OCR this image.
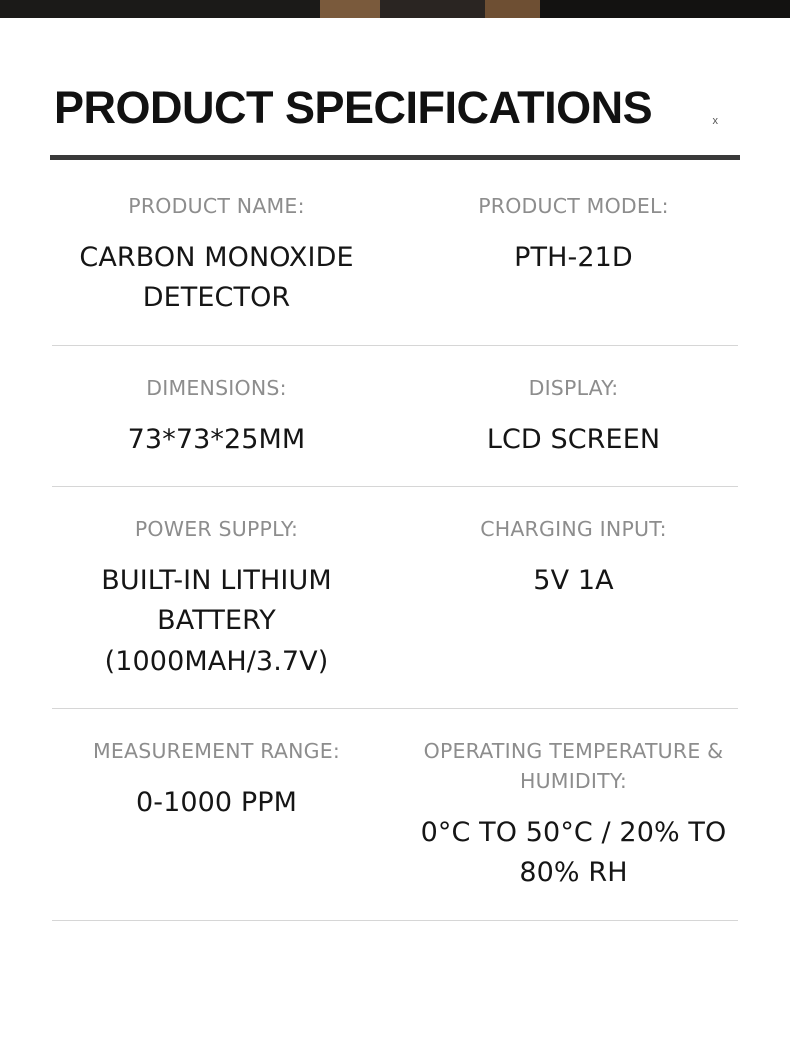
PRODUCT SPECIFICATIONS	x
PRODUCT NAME:
CARBON MONOXIDE DETECTOR

PRODUCT MODEL:
PTH-21D

DIMENSIONS:
73*73*25MM

DISPLAY:
LCD SCREEN

POWER SUPPLY:
BUILT-IN LITHIUM BATTERY (1000MAH/3.7V)

CHARGING INPUT:
5V 1A

MEASUREMENT RANGE:
0-1000 PPM

OPERATING TEMPERATURE & HUMIDITY:
0°C TO 50°C / 20% TO 80% RH
